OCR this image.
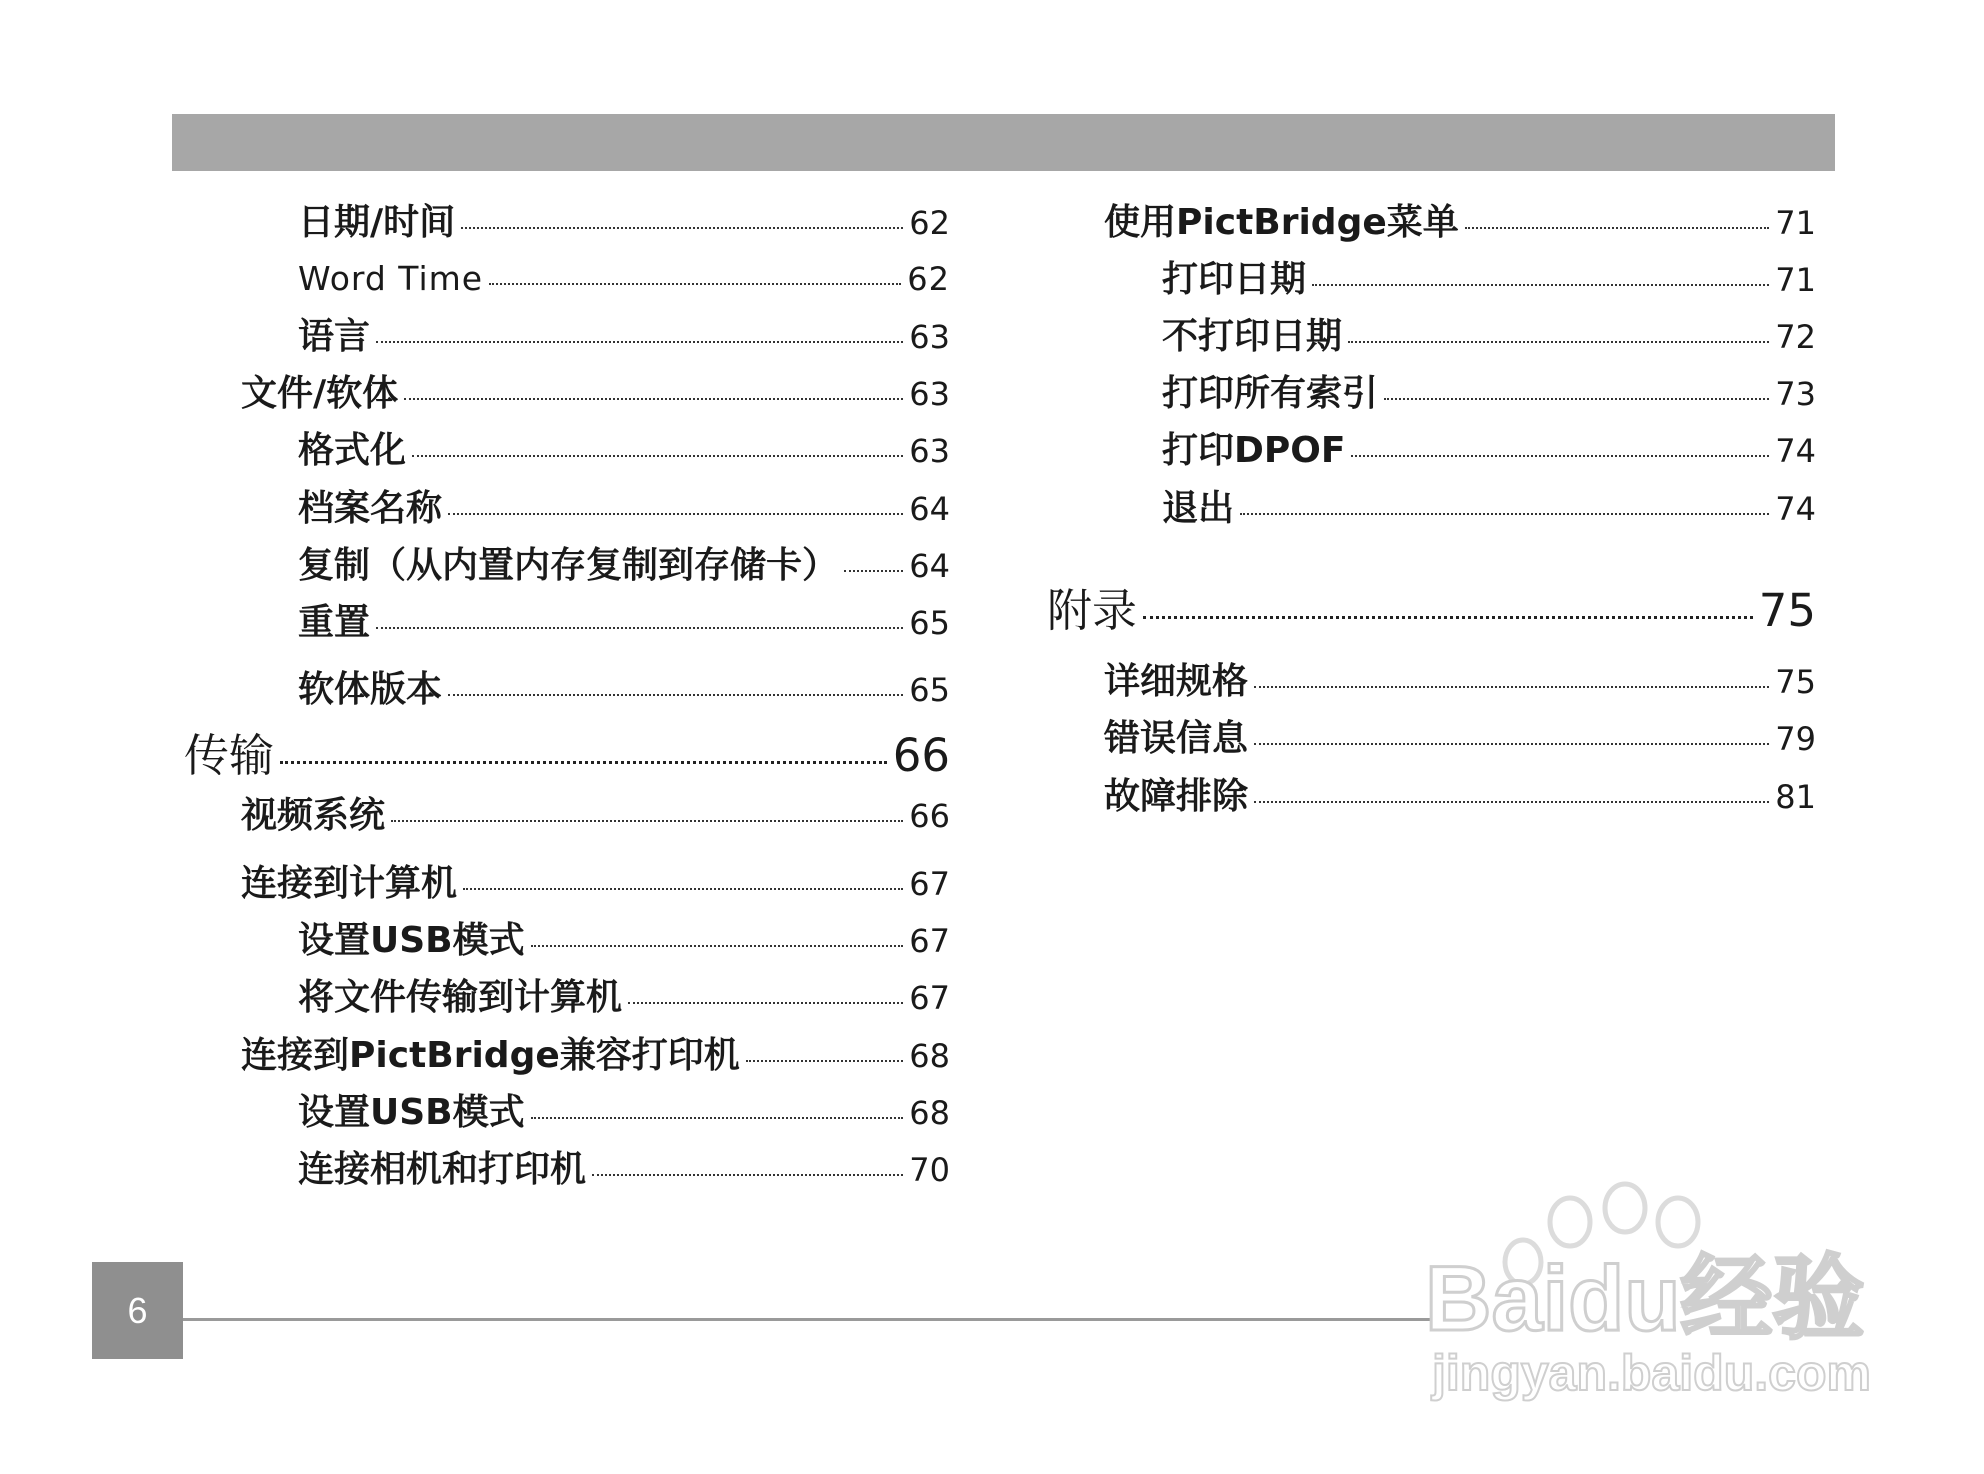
日期/时间	62
Word Time	62
语言	63
文件/软体	63
格式化	63
档案名称	64
复制（从内置内存复制到存储卡） 64
重置	65
软体版本	65
传输	66
视频系统	66
连接到计算机	67
设置USB模式	67
将文件传输到计算机	67
连接到PictBridge兼容打印机	68
设置USB模式	68
连接相机和打印机	70
使用PictBridge菜单	71
打印日期	71
不打印日期	72
打印所有索引	73
打印DPOF	74
退出	74
附录	75
详细规格	75
错误信息	79
故障排除	81
6	Baidu经验
jingyan.baidu.com
